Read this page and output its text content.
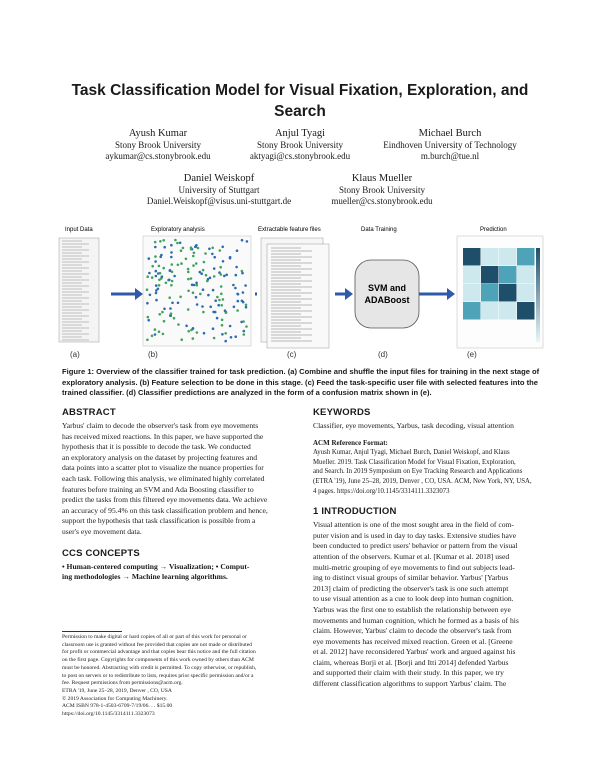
Task Classification Model for Visual Fixation, Exploration, and
Search
Ayush Kumar
Stony Brook University
aykumar@cs.stonybrook.edu
Anjul Tyagi
Stony Brook University
aktyagi@cs.stonybrook.edu
Michael Burch
Eindhoven University of Technology
m.burch@tue.nl
Daniel Weiskopf
University of Stuttgart
Daniel.Weiskopf@visus.uni-stuttgart.de
Klaus Mueller
Stony Brook University
mueller@cs.stonybrook.edu
Input Data	Exploratory analysis	Extractable feature files	Data Training	Prediction
SVM and
ADABoost
(a)	(b)	(c)	(d)	(e)
Figure 1: Overview of the classifier trained for task prediction. (a) Combine and shuffle the input files for training in the next stage of exploratory analysis. (b) Feature selection to be done in this stage. (c) Feed the task-specific user file with selected features into the trained classifier. (d) Classifier predictions are analyzed in the form of a confusion matrix shown in (e).
ABSTRACT
Yarbus' claim to decode the observer's task from eye movements
has received mixed reactions. In this paper, we have supported the
hypothesis that it is possible to decode the task. We conducted
an exploratory analysis on the dataset by projecting features and
data points into a scatter plot to visualize the nuance properties for
each task. Following this analysis, we eliminated highly correlated
features before training an SVM and Ada Boosting classifier to
predict the tasks from this filtered eye movements data. We achieve
an accuracy of 95.4% on this task classification problem and hence,
support the hypothesis that task classification is possible from a
user's eye movement data.
CCS CONCEPTS
• Human-centered computing → Visualization; • Comput-
ing methodologies → Machine learning algorithms.
Permission to make digital or hard copies of all or part of this work for personal or
classroom use is granted without fee provided that copies are not made or distributed
for profit or commercial advantage and that copies bear this notice and the full citation
on the first page. Copyrights for components of this work owned by others than ACM
must be honored. Abstracting with credit is permitted. To copy otherwise, or republish,
to post on servers or to redistribute to lists, requires prior specific permission and/or a
fee. Request permissions from permissions@acm.org.
ETRA '19, June 25–28, 2019, Denver , CO, USA
© 2019 Association for Computing Machinery.
ACM ISBN 978-1-4503-6709-7/19/06. . . $15.00
https://doi.org/10.1145/3314111.3323073
KEYWORDS
Classifier, eye movements, Yarbus, task decoding, visual attention
ACM Reference Format:
Ayush Kumar, Anjul Tyagi, Michael Burch, Daniel Weiskopf, and Klaus
Mueller. 2019. Task Classification Model for Visual Fixation, Exploration,
and Search. In 2019 Symposium on Eye Tracking Research and Applications
(ETRA '19), June 25–28, 2019, Denver , CO, USA. ACM, New York, NY, USA,
4 pages. https://doi.org/10.1145/3314111.3323073
1 INTRODUCTION
Visual attention is one of the most sought area in the field of com-
puter vision and is used in day to day tasks. Extensive studies have
been conducted to predict users' behavior or pattern from the visual
attention of the observers. Kumar et al. [Kumar et al. 2018] used
multi-metric grouping of eye movements to find out subjects lead-
ing to distinct visual groups of similar behavior. Yarbus' [Yarbus
2013] claim of predicting the observer's task is one such attempt
to use visual attention as a cue to look deep into human cognition.
Yarbus was the first one to establish the relationship between eye
movements and human cognition, which he formed as a basis of his
claim. However, Yarbus' claim to decode the observer's task from
eye movements has received mixed reaction. Green et al. [Greene
et al. 2012] have reconsidered Yarbus' work and argued against his
claim, whereas Borji et al. [Borji and Itti 2014] defended Yarbus
and supported their claim with their study. In this paper, we try
different classification algorithms to support Yarbus' claim. The
